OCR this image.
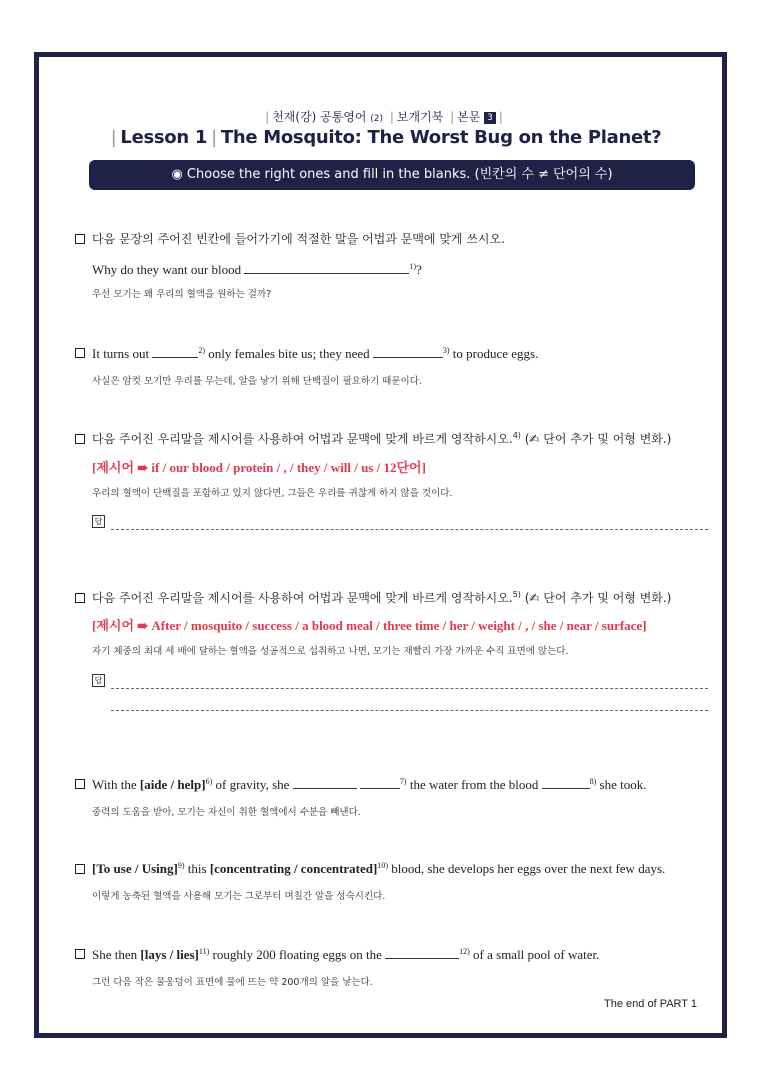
| 천재(강) 공통영어 (2) | 보개기북 | 본문 3 |
| Lesson 1 | The Mosquito: The Worst Bug on the Planet?
◉ Choose the right ones and fill in the blanks. (빈칸의 수 ≠ 단어의 수)
다음 문장의 주어진 빈칸에 들어가기에 적절한 말을 어법과 문맥에 맞게 쓰시오.
Why do they want our blood	$^{1)}$?
우선 모기는 왜 우리의 혈액을 원하는 걸까?
It turns out	$^{2)}$ only females bite us; they need	$^{3)}$ to produce eggs.
사실은 암컷 모기만 우리를 무는데, 알을 낳기 위해 단백질이 필요하기 때문이다.
다음 주어진 우리말을 제시어를 사용하여 어법과 문맥에 맞게 바르게 영작하시오.$^{4)}$ (✍ 단어 추가 및 어형 변화.)
[제시어 ➠ if / our blood / protein / , / they / will / us / 12단어]
우리의 혈액이 단백질을 포함하고 있지 않다면, 그들은 우리를 귀찮게 하지 않을 것이다.
답
다음 주어진 우리말을 제시어를 사용하여 어법과 문맥에 맞게 바르게 영작하시오.$^{5)}$ (✍ 단어 추가 및 어형 변화.)
[제시어 ➠ After / mosquito / success / a blood meal / three time / her / weight / , / she / near / surface]
자기 체중의 최대 세 배에 달하는 혈액을 성공적으로 섭취하고 나면, 모기는 재빨리 가장 가까운 수직 표면에 앉는다.
답
With the [aide / help]$^{6)}$ of gravity, she	$^{7)}$ the water from the blood	$^{8)}$ she took.
중력의 도움을 받아, 모기는 자신이 취한 혈액에서 수분을 빼낸다.
[To use / Using]$^{9)}$ this [concentrating / concentrated]$^{10)}$ blood, she develops her eggs over the next few days.
이렇게 농축된 혈액을 사용해 모기는 그로부터 며칠간 알을 성숙시킨다.
She then [lays / lies]$^{11)}$ roughly 200 floating eggs on the	$^{12)}$ of a small pool of water.
그런 다음 작은 물웅덩이 표면에 물에 뜨는 약 200개의 알을 낳는다.
The end of PART 1
